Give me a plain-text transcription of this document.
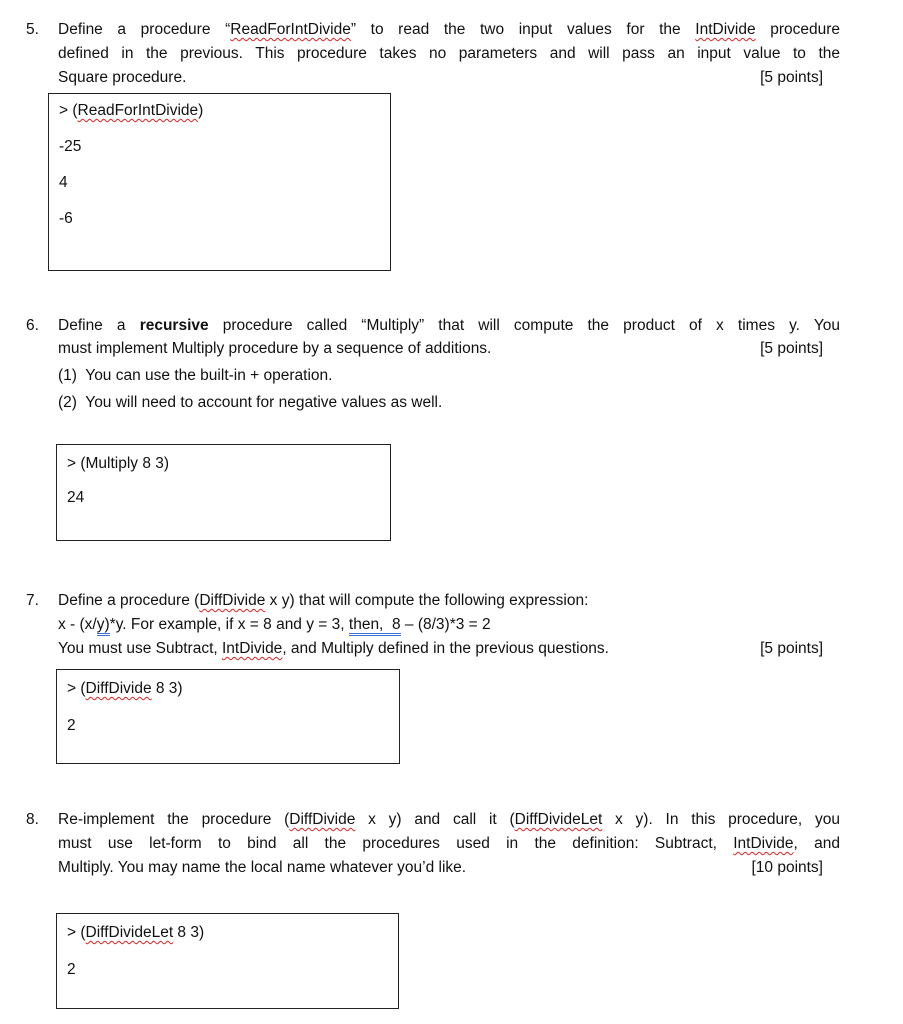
5. Define a procedure “ReadForIntDivide” to read the two input values for the IntDivide procedure
defined in the previous. This procedure takes no parameters and will pass an input value to the
Square procedure.	[5 points]
> (ReadForIntDivide)
-25
4
-6
6. Define a recursive procedure called “Multiply” that will compute the product of x times y. You
must implement Multiply procedure by a sequence of additions.	[5 points]
(1)  You can use the built-in + operation.
(2)  You will need to account for negative values as well.
> (Multiply 8 3)
24
7. Define a procedure (DiffDivide x y) that will compute the following expression:
x - (x/y)*y. For example, if x = 8 and y = 3, then,  8 – (8/3)*3 = 2
You must use Subtract, IntDivide, and Multiply defined in the previous questions.	[5 points]
> (DiffDivide 8 3)
2
8. Re-implement the procedure (DiffDivide x y) and call it (DiffDivideLet x y). In this procedure, you
must use let-form to bind all the procedures used in the definition: Subtract, IntDivide, and
Multiply. You may name the local name whatever you’d like.	[10 points]
> (DiffDivideLet 8 3)
2
